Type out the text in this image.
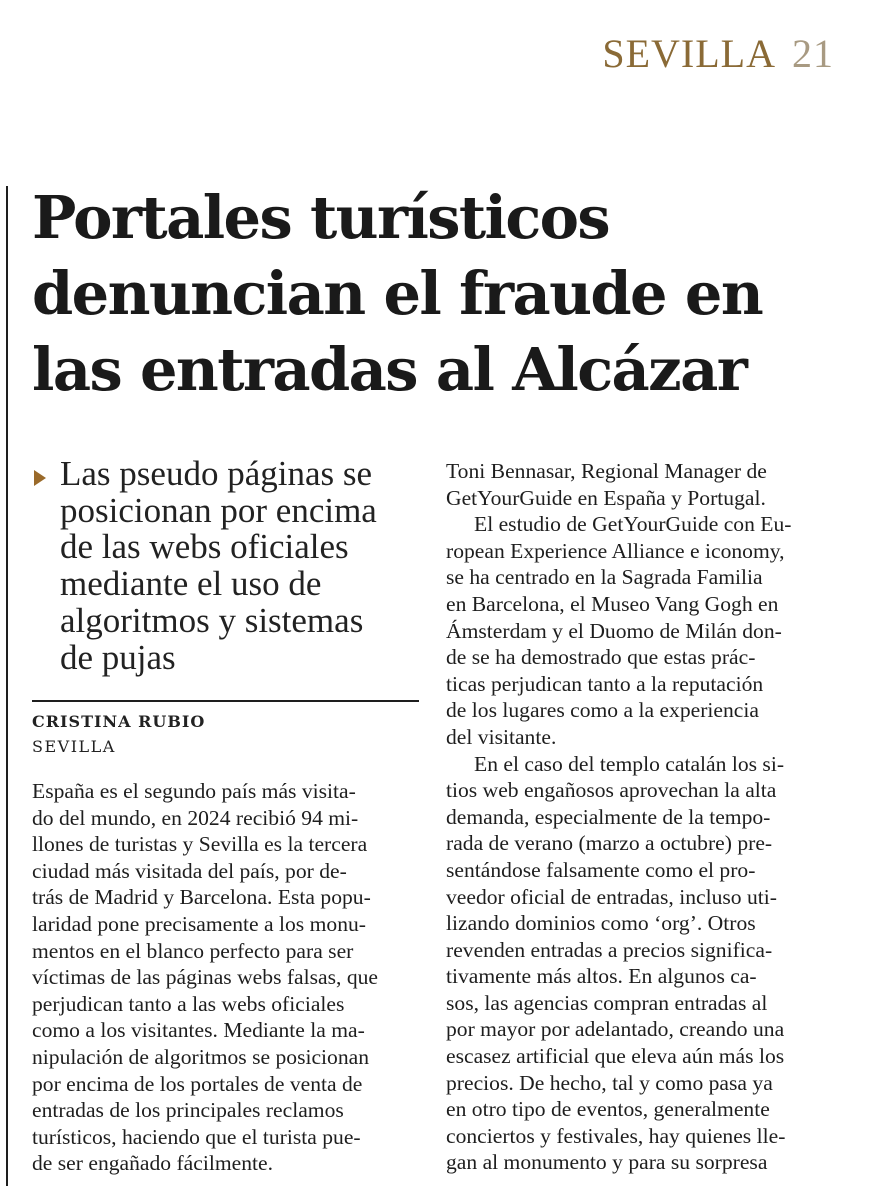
SEVILLA 21
Portales turísticos
denuncian el fraude en
las entradas al Alcázar
Las pseudo páginas se
posicionan por encima
de las webs oficiales
mediante el uso de
algoritmos y sistemas
de pujas
CRISTINA RUBIO
SEVILLA
España es el segundo país más visita-
do del mundo, en 2024 recibió 94 mi-
llones de turistas y Sevilla es la tercera
ciudad más visitada del país, por de-
trás de Madrid y Barcelona. Esta popu-
laridad pone precisamente a los monu-
mentos en el blanco perfecto para ser
víctimas de las páginas webs falsas, que
perjudican tanto a las webs oficiales
como a los visitantes. Mediante la ma-
nipulación de algoritmos se posicionan
por encima de los portales de venta de
entradas de los principales reclamos
turísticos, haciendo que el turista pue-
de ser engañado fácilmente.
Toni Bennasar, Regional Manager de
GetYourGuide en España y Portugal.
El estudio de GetYourGuide con Eu-
ropean Experience Alliance e iconomy,
se ha centrado en la Sagrada Familia
en Barcelona, el Museo Vang Gogh en
Ámsterdam y el Duomo de Milán don-
de se ha demostrado que estas prác-
ticas perjudican tanto a la reputación
de los lugares como a la experiencia
del visitante.
En el caso del templo catalán los si-
tios web engañosos aprovechan la alta
demanda, especialmente de la tempo-
rada de verano (marzo a octubre) pre-
sentándose falsamente como el pro-
veedor oficial de entradas, incluso uti-
lizando dominios como ‘org’. Otros
revenden entradas a precios significa-
tivamente más altos. En algunos ca-
sos, las agencias compran entradas al
por mayor por adelantado, creando una
escasez artificial que eleva aún más los
precios. De hecho, tal y como pasa ya
en otro tipo de eventos, generalmente
conciertos y festivales, hay quienes lle-
gan al monumento y para su sorpresa
